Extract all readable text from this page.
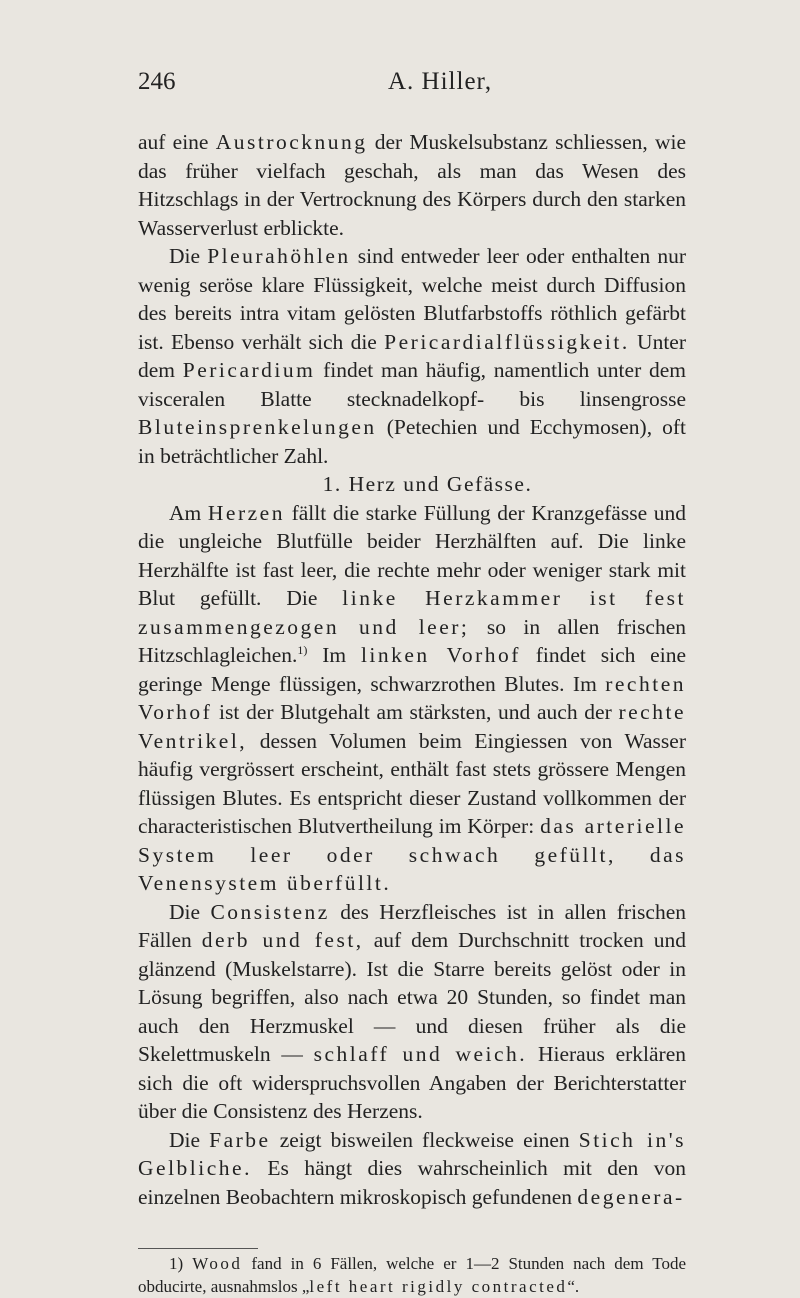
246	A. Hiller,

auf eine Austrocknung der Muskelsubstanz schliessen, wie das früher vielfach geschah, als man das Wesen des Hitzschlags in der Vertrocknung des Körpers durch den starken Wasserverlust erblickte.

Die Pleurahöhlen sind entweder leer oder enthalten nur wenig seröse klare Flüssigkeit, welche meist durch Diffusion des bereits intra vitam gelösten Blutfarbstoffs röthlich gefärbt ist. Ebenso verhält sich die Pericardialflüssigkeit. Unter dem Pericardium findet man häufig, namentlich unter dem visceralen Blatte stecknadelkopf- bis linsengrosse Bluteinsprenkelungen (Petechien und Ecchymosen), oft in beträchtlicher Zahl.

1. Herz und Gefässe.

Am Herzen fällt die starke Füllung der Kranzgefässe und die ungleiche Blutfülle beider Herzhälften auf. Die linke Herzhälfte ist fast leer, die rechte mehr oder weniger stark mit Blut gefüllt. Die linke Herzkammer ist fest zusammengezogen und leer; so in allen frischen Hitzschlagleichen.$^{1)}$ Im linken Vorhof findet sich eine geringe Menge flüssigen, schwarzrothen Blutes. Im rechten Vorhof ist der Blutgehalt am stärksten, und auch der rechte Ventrikel, dessen Volumen beim Eingiessen von Wasser häufig vergrössert erscheint, enthält fast stets grössere Mengen flüssigen Blutes. Es entspricht dieser Zustand vollkommen der characteristischen Blutvertheilung im Körper: das arterielle System leer oder schwach gefüllt, das Venensystem überfüllt.

Die Consistenz des Herzfleisches ist in allen frischen Fällen derb und fest, auf dem Durchschnitt trocken und glänzend (Muskelstarre). Ist die Starre bereits gelöst oder in Lösung begriffen, also nach etwa 20 Stunden, so findet man auch den Herzmuskel — und diesen früher als die Skelettmuskeln — schlaff und weich. Hieraus erklären sich die oft widerspruchsvollen Angaben der Berichterstatter über die Consistenz des Herzens.

Die Farbe zeigt bisweilen fleckweise einen Stich in's Gelbliche. Es hängt dies wahrscheinlich mit den von einzelnen Beobachtern mikroskopisch gefundenen degenera-

1) Wood fand in 6 Fällen, welche er 1—2 Stunden nach dem Tode obducirte, ausnahmslos „left heart rigidly contracted“.
